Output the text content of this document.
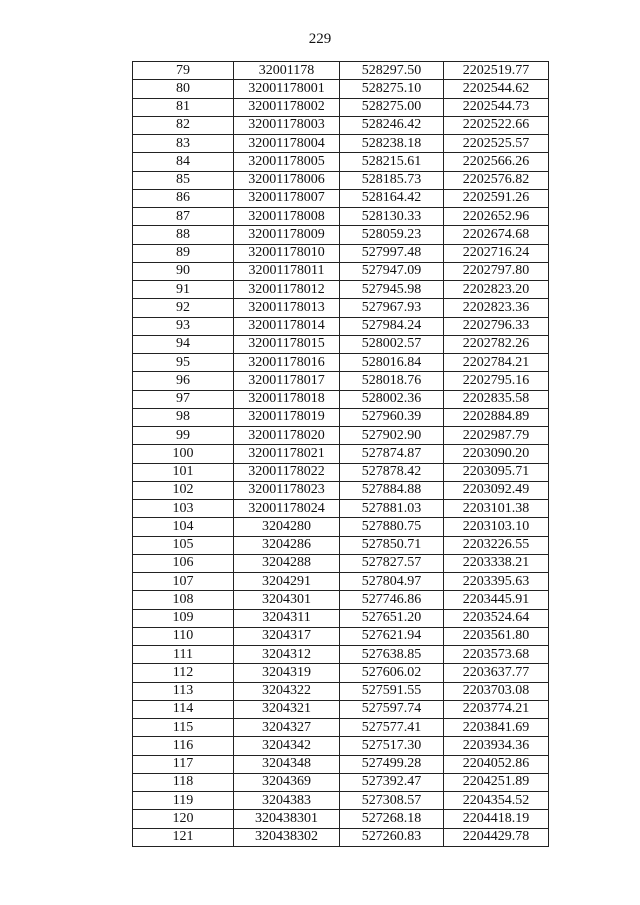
229
79	32001178	528297.50	2202519.77
80	32001178001	528275.10	2202544.62
81	32001178002	528275.00	2202544.73
82	32001178003	528246.42	2202522.66
83	32001178004	528238.18	2202525.57
84	32001178005	528215.61	2202566.26
85	32001178006	528185.73	2202576.82
86	32001178007	528164.42	2202591.26
87	32001178008	528130.33	2202652.96
88	32001178009	528059.23	2202674.68
89	32001178010	527997.48	2202716.24
90	32001178011	527947.09	2202797.80
91	32001178012	527945.98	2202823.20
92	32001178013	527967.93	2202823.36
93	32001178014	527984.24	2202796.33
94	32001178015	528002.57	2202782.26
95	32001178016	528016.84	2202784.21
96	32001178017	528018.76	2202795.16
97	32001178018	528002.36	2202835.58
98	32001178019	527960.39	2202884.89
99	32001178020	527902.90	2202987.79
100	32001178021	527874.87	2203090.20
101	32001178022	527878.42	2203095.71
102	32001178023	527884.88	2203092.49
103	32001178024	527881.03	2203101.38
104	3204280	527880.75	2203103.10
105	3204286	527850.71	2203226.55
106	3204288	527827.57	2203338.21
107	3204291	527804.97	2203395.63
108	3204301	527746.86	2203445.91
109	3204311	527651.20	2203524.64
110	3204317	527621.94	2203561.80
111	3204312	527638.85	2203573.68
112	3204319	527606.02	2203637.77
113	3204322	527591.55	2203703.08
114	3204321	527597.74	2203774.21
115	3204327	527577.41	2203841.69
116	3204342	527517.30	2203934.36
117	3204348	527499.28	2204052.86
118	3204369	527392.47	2204251.89
119	3204383	527308.57	2204354.52
120	320438301	527268.18	2204418.19
121	320438302	527260.83	2204429.78
